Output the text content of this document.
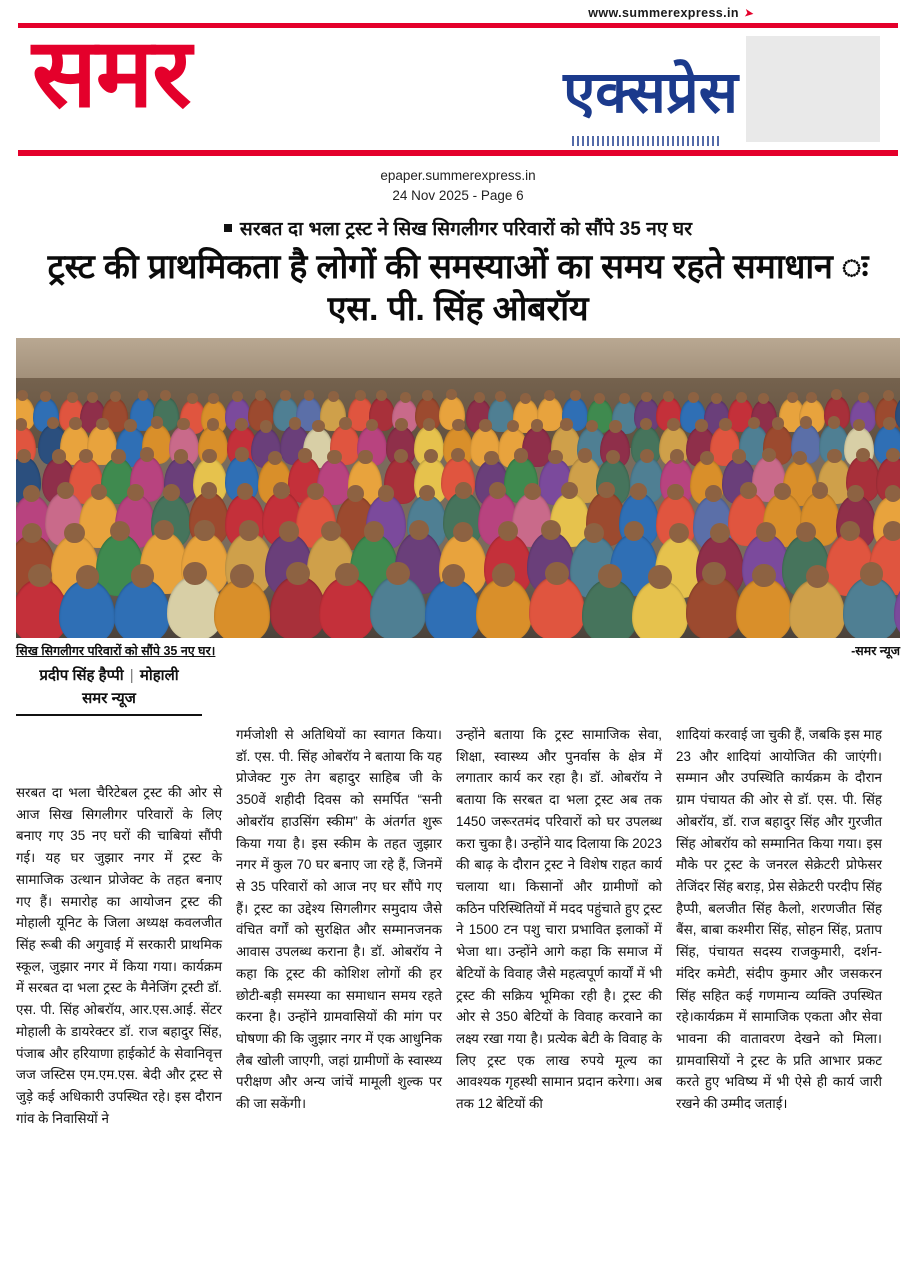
www.summerexpress.in ➤
समर	एक्सप्रेस
epaper.summerexpress.in
24 Nov 2025 - Page 6
सरबत दा भला ट्रस्ट ने सिख सिगलीगर परिवारों को सौंपे 35 नए घर
ट्रस्ट की प्राथमिकता है लोगों की समस्याओं का समय रहते समाधान ः एस. पी. सिंह ओबरॉय
सिख सिगलीगर परिवारों को सौंपे 35 नए घर।	-समर न्यूज
प्रदीप सिंह हैप्पी | मोहाली
समर न्यूज

सरबत दा भला चैरिटेबल ट्रस्ट की ओर से आज सिख सिगलीगर परिवारों के लिए बनाए गए 35 नए घरों की चाबियां सौंपी गई। यह घर जुझार नगर में ट्रस्ट के सामाजिक उत्थान प्रोजेक्ट के तहत बनाए गए हैं। समारोह का आयोजन ट्रस्ट की मोहाली यूनिट के जिला अध्यक्ष कवलजीत सिंह रूबी की अगुवाई में सरकारी प्राथमिक स्कूल, जुझार नगर में किया गया। कार्यक्रम में सरबत दा भला ट्रस्ट के मैनेजिंग ट्रस्टी डॉ. एस. पी. सिंह ओबरॉय, आर.एस.आई. सेंटर मोहाली के डायरेक्टर डॉ. राज बहादुर सिंह, पंजाब और हरियाणा हाईकोर्ट के सेवानिवृत्त जज जस्टिस एम.एम.एस. बेदी और ट्रस्ट से जुड़े कई अधिकारी उपस्थित रहे। इस दौरान गांव के निवासियों ने

गर्मजोशी से अतिथियों का स्वागत किया। डॉ. एस. पी. सिंह ओबरॉय ने बताया कि यह प्रोजेक्ट गुरु तेग बहादुर साहिब जी के 350वें शहीदी दिवस को समर्पित “सनी ओबरॉय हाउसिंग स्कीम” के अंतर्गत शुरू किया गया है। इस स्कीम के तहत जुझार नगर में कुल 70 घर बनाए जा रहे हैं, जिनमें से 35 परिवारों को आज नए घर सौंपे गए हैं। ट्रस्ट का उद्देश्य सिगलीगर समुदाय जैसे वंचित वर्गों को सुरक्षित और सम्मानजनक आवास उपलब्ध कराना है। डॉ. ओबरॉय ने कहा कि ट्रस्ट की कोशिश लोगों की हर छोटी-बड़ी समस्या का समाधान समय रहते करना है। उन्होंने ग्रामवासियों की मांग पर घोषणा की कि जुझार नगर में एक आधुनिक लैब खोली जाएगी, जहां ग्रामीणों के स्वास्थ्य परीक्षण और अन्य जांचें मामूली शुल्क पर की जा सकेंगी।

उन्होंने बताया कि ट्रस्ट सामाजिक सेवा, शिक्षा, स्वास्थ्य और पुनर्वास के क्षेत्र में लगातार कार्य कर रहा है। डॉ. ओबरॉय ने बताया कि सरबत दा भला ट्रस्ट अब तक 1450 जरूरतमंद परिवारों को घर उपलब्ध करा चुका है। उन्होंने याद दिलाया कि 2023 की बाढ़ के दौरान ट्रस्ट ने विशेष राहत कार्य चलाया था। किसानों और ग्रामीणों को कठिन परिस्थितियों में मदद पहुंचाते हुए ट्रस्ट ने 1500 टन पशु चारा प्रभावित इलाकों में भेजा था। उन्होंने आगे कहा कि समाज में बेटियों के विवाह जैसे महत्वपूर्ण कार्यों में भी ट्रस्ट की सक्रिय भूमिका रही है। ट्रस्ट की ओर से 350 बेटियों के विवाह करवाने का लक्ष्य रखा गया है। प्रत्येक बेटी के विवाह के लिए ट्रस्ट एक लाख रुपये मूल्य का आवश्यक गृहस्थी सामान प्रदान करेगा। अब तक 12 बेटियों की

शादियां करवाई जा चुकी हैं, जबकि इस माह 23 और शादियां आयोजित की जाएंगी। सम्मान और उपस्थिति कार्यक्रम के दौरान ग्राम पंचायत की ओर से डॉ. एस. पी. सिंह ओबरॉय, डॉ. राज बहादुर सिंह और गुरजीत सिंह ओबरॉय को सम्मानित किया गया। इस मौके पर ट्रस्ट के जनरल सेक्रेटरी प्रोफेसर तेजिंदर सिंह बराड़, प्रेस सेक्रेटरी परदीप सिंह हैप्पी, बलजीत सिंह कैलो, शरणजीत सिंह बैंस, बाबा कश्मीरा सिंह, सोहन सिंह, प्रताप सिंह, पंचायत सदस्य राजकुमारी, दर्शन-मंदिर कमेटी, संदीप कुमार और जसकरन सिंह सहित कई गणमान्य व्यक्ति उपस्थित रहे।कार्यक्रम में सामाजिक एकता और सेवा भावना की वातावरण देखने को मिला। ग्रामवासियों ने ट्रस्ट के प्रति आभार प्रकट करते हुए भविष्य में भी ऐसे ही कार्य जारी रखने की उम्मीद जताई।
